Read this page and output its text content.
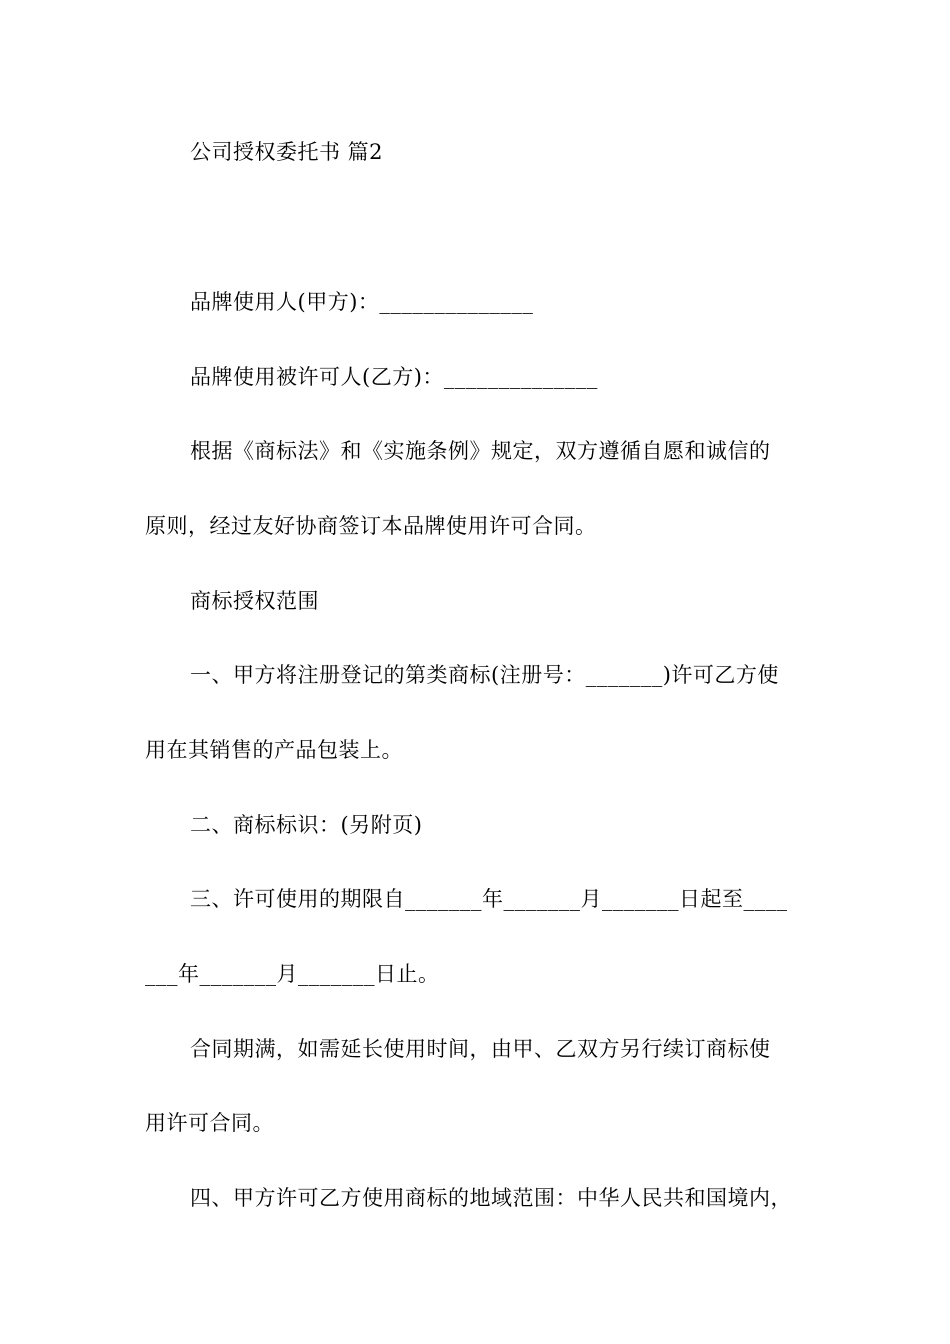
公司授权委托书 篇2
品牌使用人(甲方)：______________
品牌使用被许可人(乙方)：______________
根据《商标法》和《实施条例》规定，双方遵循自愿和诚信的
原则，经过友好协商签订本品牌使用许可合同。
商标授权范围
一、甲方将注册登记的第类商标(注册号：_______)许可乙方使
用在其销售的产品包装上。
二、商标标识：(另附页)
三、许可使用的期限自_______年_______月_______日起至____
___年_______月_______日止。
合同期满，如需延长使用时间，由甲、乙双方另行续订商标使
用许可合同。
四、甲方许可乙方使用商标的地域范围：中华人民共和国境内，
